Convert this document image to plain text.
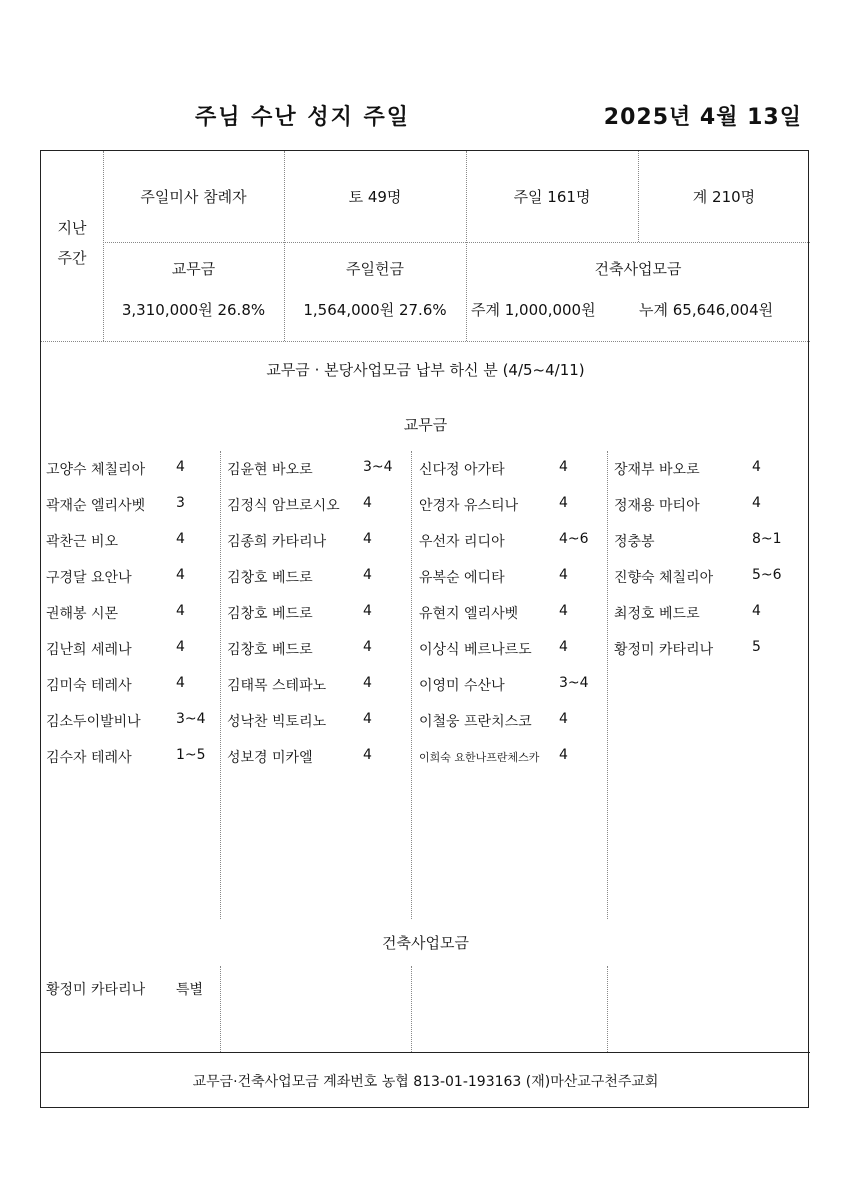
주님 수난 성지 주일	2025년 4월 13일
지난
주간
주일미사 참례자	토 49명	주일 161명	계 210명
교무금
3,310,000원 26.8%
주일헌금
1,564,000원 27.6%
건축사업모금
주계 1,000,000원	누계 65,646,004원
교무금 · 본당사업모금 납부 하신 분 (4/5~4/11)
교무금
고양수 체칠리아 4
곽재순 엘리사벳 3
곽찬근 비오	4
구경달 요안나	4
권해봉 시몬	4
김난희 세레나	4
김미숙 테레사	4
김소두이발비나	3~4
김수자 테레사	1~5
김윤현 바오로	3~4
김정식 암브로시오 4
김종희 카타리나	4
김창호 베드로	4
김창호 베드로	4
김창호 베드로	4
김태목 스테파노	4
성낙찬 빅토리노	4
성보경 미카엘	4
신다정 아가타	4
안경자 유스티나	4
우선자 리디아	4~6
유복순 에디타	4
유현지 엘리사벳	4
이상식 베르나르도 4
이영미 수산나	3~4
이철웅 프란치스코 4
이희숙 요한나프란체스카 4
장재부 바오로	4
정재용 마티아	4
정충봉	8~1
진향숙 체칠리아	5~6
최정호 베드로	4
황정미 카타리나	5
건축사업모금
황정미 카타리나 특별
교무금·건축사업모금 계좌번호 농협 813-01-193163 (재)마산교구천주교회
